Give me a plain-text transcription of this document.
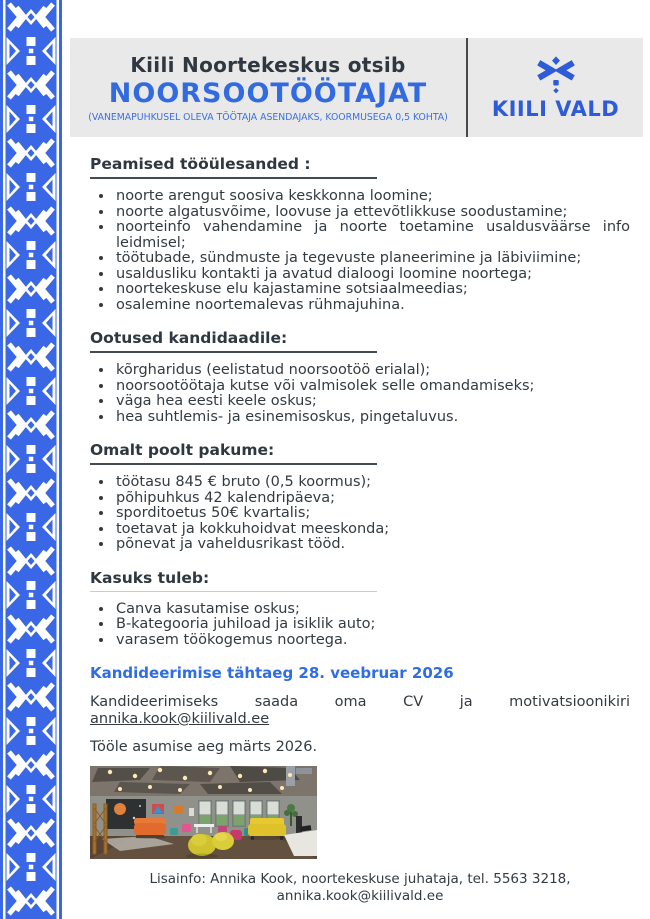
Kiili Noortekeskus otsib
NOORSOOTÖÖTAJAT
(VANEMAPUHKUSEL OLEVA TÖÖTAJA ASENDAJAKS, KOORMUSEGA 0,5 KOHTA) KIILI VALD
Peamised tööülesanded :
• noorte arengut soosiva keskkonna loomine;
• noorte algatusvõime, loovuse ja ettevõtlikkuse soodustamine;
• noorteinfo vahendamine ja noorte toetamine usaldusväärse info leidmisel;
• töötubade, sündmuste ja tegevuste planeerimine ja läbiviimine;
• usaldusliku kontakti ja avatud dialoogi loomine noortega;
• noortekeskuse elu kajastamine sotsiaalmeedias;
• osalemine noortemalevas rühmajuhina.
Ootused kandidaadile:
• kõrgharidus (eelistatud noorsootöö erialal);
• noorsootöötaja kutse või valmisolek selle omandamiseks;
• väga hea eesti keele oskus;
• hea suhtlemis- ja esinemisoskus, pingetaluvus.
Omalt poolt pakume:
• töötasu 845 € bruto (0,5 koormus);
• põhipuhkus 42 kalendripäeva;
• sporditoetus 50€ kvartalis;
• toetavat ja kokkuhoidvat meeskonda;
• põnevat ja vaheldusrikast tööd.
Kasuks tuleb:
• Canva kasutamise oskus;
• B-kategooria juhiload ja isiklik auto;
• varasem töökogemus noortega.

Kandideerimise tähtaeg 28. veebruar 2026

Kandideerimiseks saada oma CV ja motivatsioonikiri annika.kook@kiilivald.ee

Tööle asumise aeg märts 2026.

Lisainfo: Annika Kook, noortekeskuse juhataja, tel. 5563 3218,
annika.kook@kiilivald.ee
